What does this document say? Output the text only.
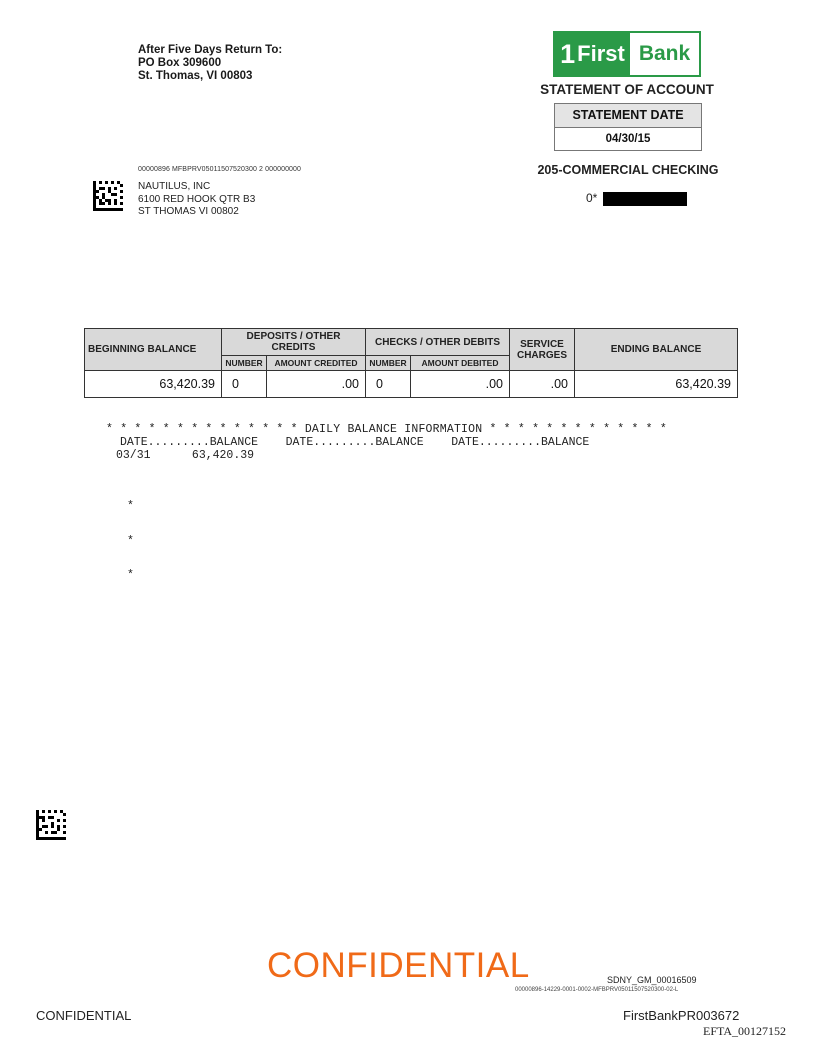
After Five Days Return To:
PO Box 309600
St. Thomas, VI 00803
1 First Bank
STATEMENT OF ACCOUNT
STATEMENT DATE
04/30/15
205-COMMERCIAL CHECKING
0*
00000896 MFBPRV05011507520300 2 000000000
NAUTILUS, INC
6100 RED HOOK QTR B3
ST THOMAS VI 00802
BEGINNING BALANCE	DEPOSITS / OTHER CREDITS		CHECKS / OTHER DEBITS		SERVICE CHARGES	ENDING BALANCE
	NUMBER	AMOUNT CREDITED	NUMBER	AMOUNT DEBITED		
63,420.39	0	.00	0	.00	.00	63,420.39
* * * * * * * * * * * * * * DAILY BALANCE INFORMATION * * * * * * * * * * * * *
DATE.........BALANCE    DATE.........BALANCE    DATE.........BALANCE
03/31      63,420.39

*

*

*

CONFIDENTIAL	SDNY_GM_00016509
00000896-14229-0001-0002-MFBPRV05011507520300-02-L
CONFIDENTIAL	FirstBankPR003672
EFTA_00127152
